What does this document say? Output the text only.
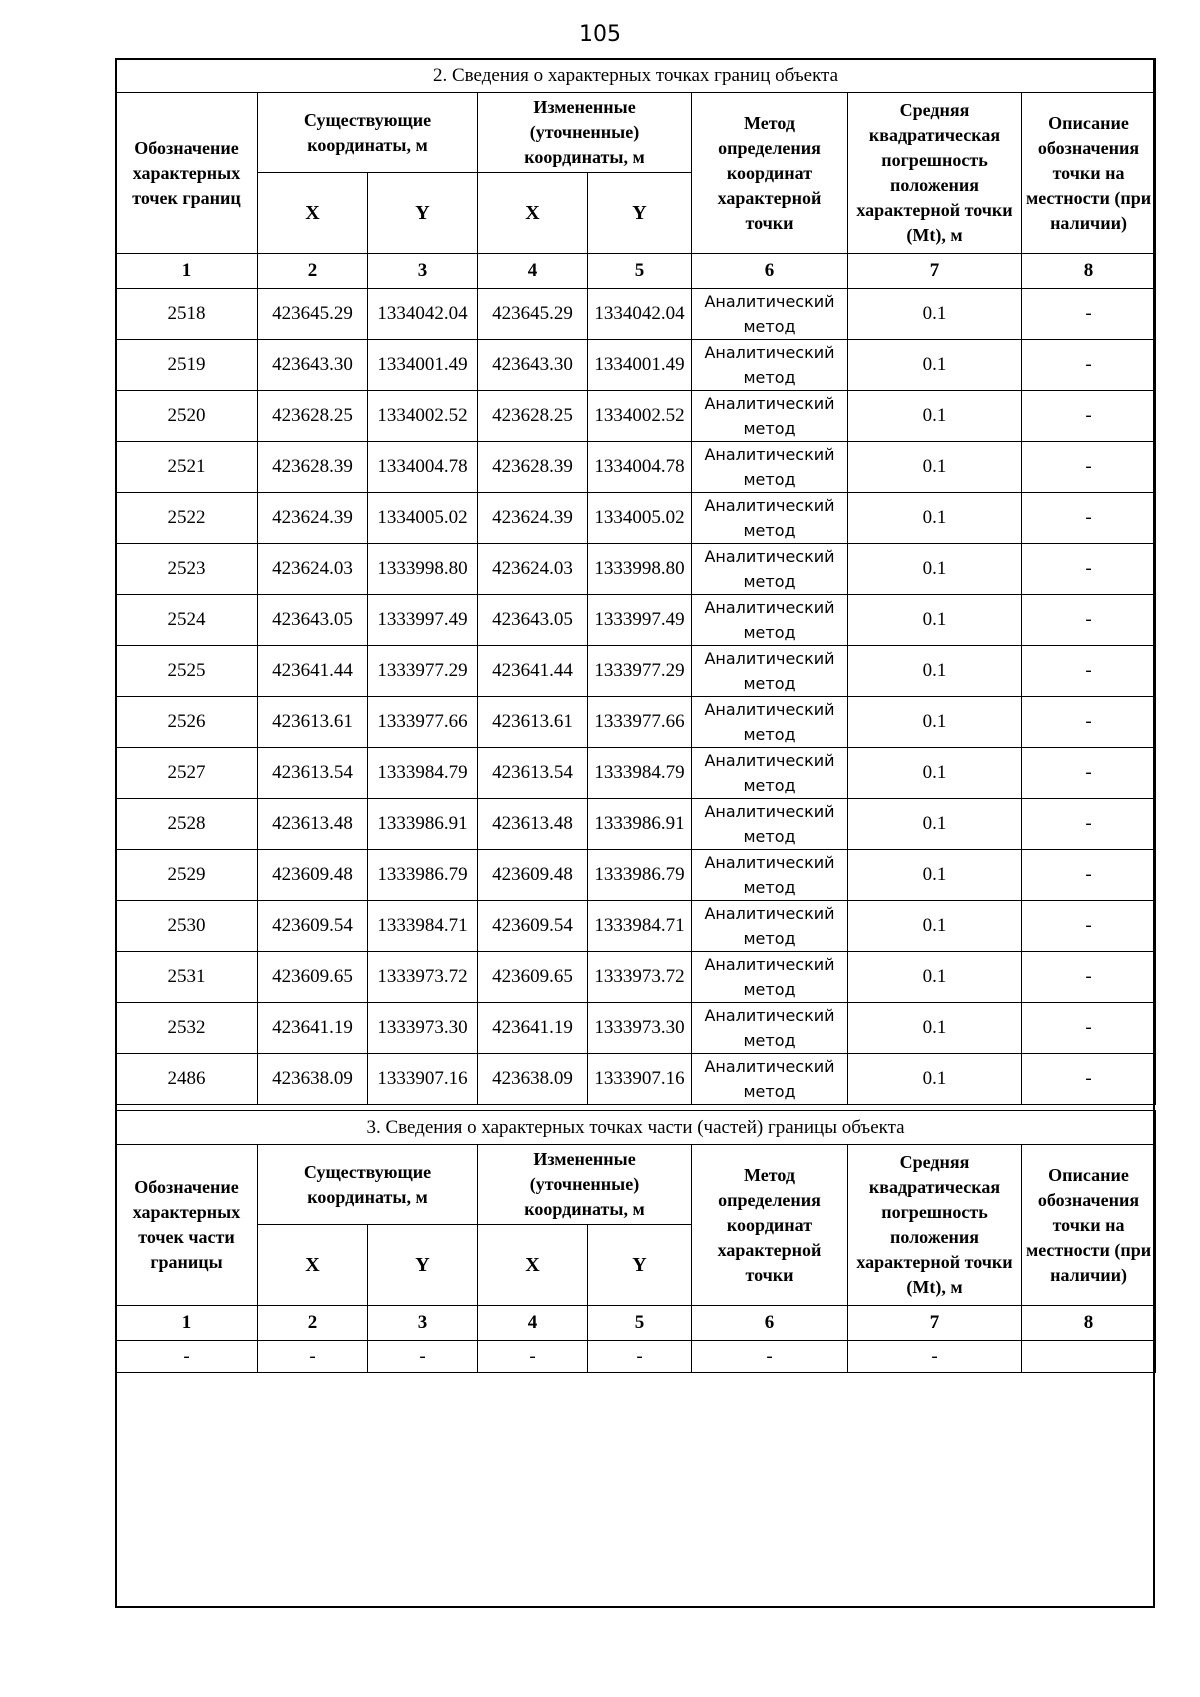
105
2. Сведения о характерных точках границ объекта							
Обозначение характерных точек границ	Существующие координаты, м		Измененные (уточненные) координаты, м		Метод определения координат характерной точки	Средняя квадратическая погрешность положения характерной точки (Mt), м	Описание обозначения точки на местности (при наличии)
	X	Y	X	Y			
1	2	3	4	5	6	7	8
2518	423645.29	1334042.04	423645.29	1334042.04	Аналитический метод	0.1	-
2519	423643.30	1334001.49	423643.30	1334001.49	Аналитический метод	0.1	-
2520	423628.25	1334002.52	423628.25	1334002.52	Аналитический метод	0.1	-
2521	423628.39	1334004.78	423628.39	1334004.78	Аналитический метод	0.1	-
2522	423624.39	1334005.02	423624.39	1334005.02	Аналитический метод	0.1	-
2523	423624.03	1333998.80	423624.03	1333998.80	Аналитический метод	0.1	-
2524	423643.05	1333997.49	423643.05	1333997.49	Аналитический метод	0.1	-
2525	423641.44	1333977.29	423641.44	1333977.29	Аналитический метод	0.1	-
2526	423613.61	1333977.66	423613.61	1333977.66	Аналитический метод	0.1	-
2527	423613.54	1333984.79	423613.54	1333984.79	Аналитический метод	0.1	-
2528	423613.48	1333986.91	423613.48	1333986.91	Аналитический метод	0.1	-
2529	423609.48	1333986.79	423609.48	1333986.79	Аналитический метод	0.1	-
2530	423609.54	1333984.71	423609.54	1333984.71	Аналитический метод	0.1	-
2531	423609.65	1333973.72	423609.65	1333973.72	Аналитический метод	0.1	-
2532	423641.19	1333973.30	423641.19	1333973.30	Аналитический метод	0.1	-
2486	423638.09	1333907.16	423638.09	1333907.16	Аналитический метод	0.1	-
3. Сведения о характерных точках части (частей) границы объекта							
Обозначение характерных точек части границы	Существующие координаты, м		Измененные (уточненные) координаты, м		Метод определения координат характерной точки	Средняя квадратическая погрешность положения характерной точки (Mt), м	Описание обозначения точки на местности (при наличии)
	X	Y	X	Y			
1	2	3	4	5	6	7	8
-	-	-	-	-	-	-	
